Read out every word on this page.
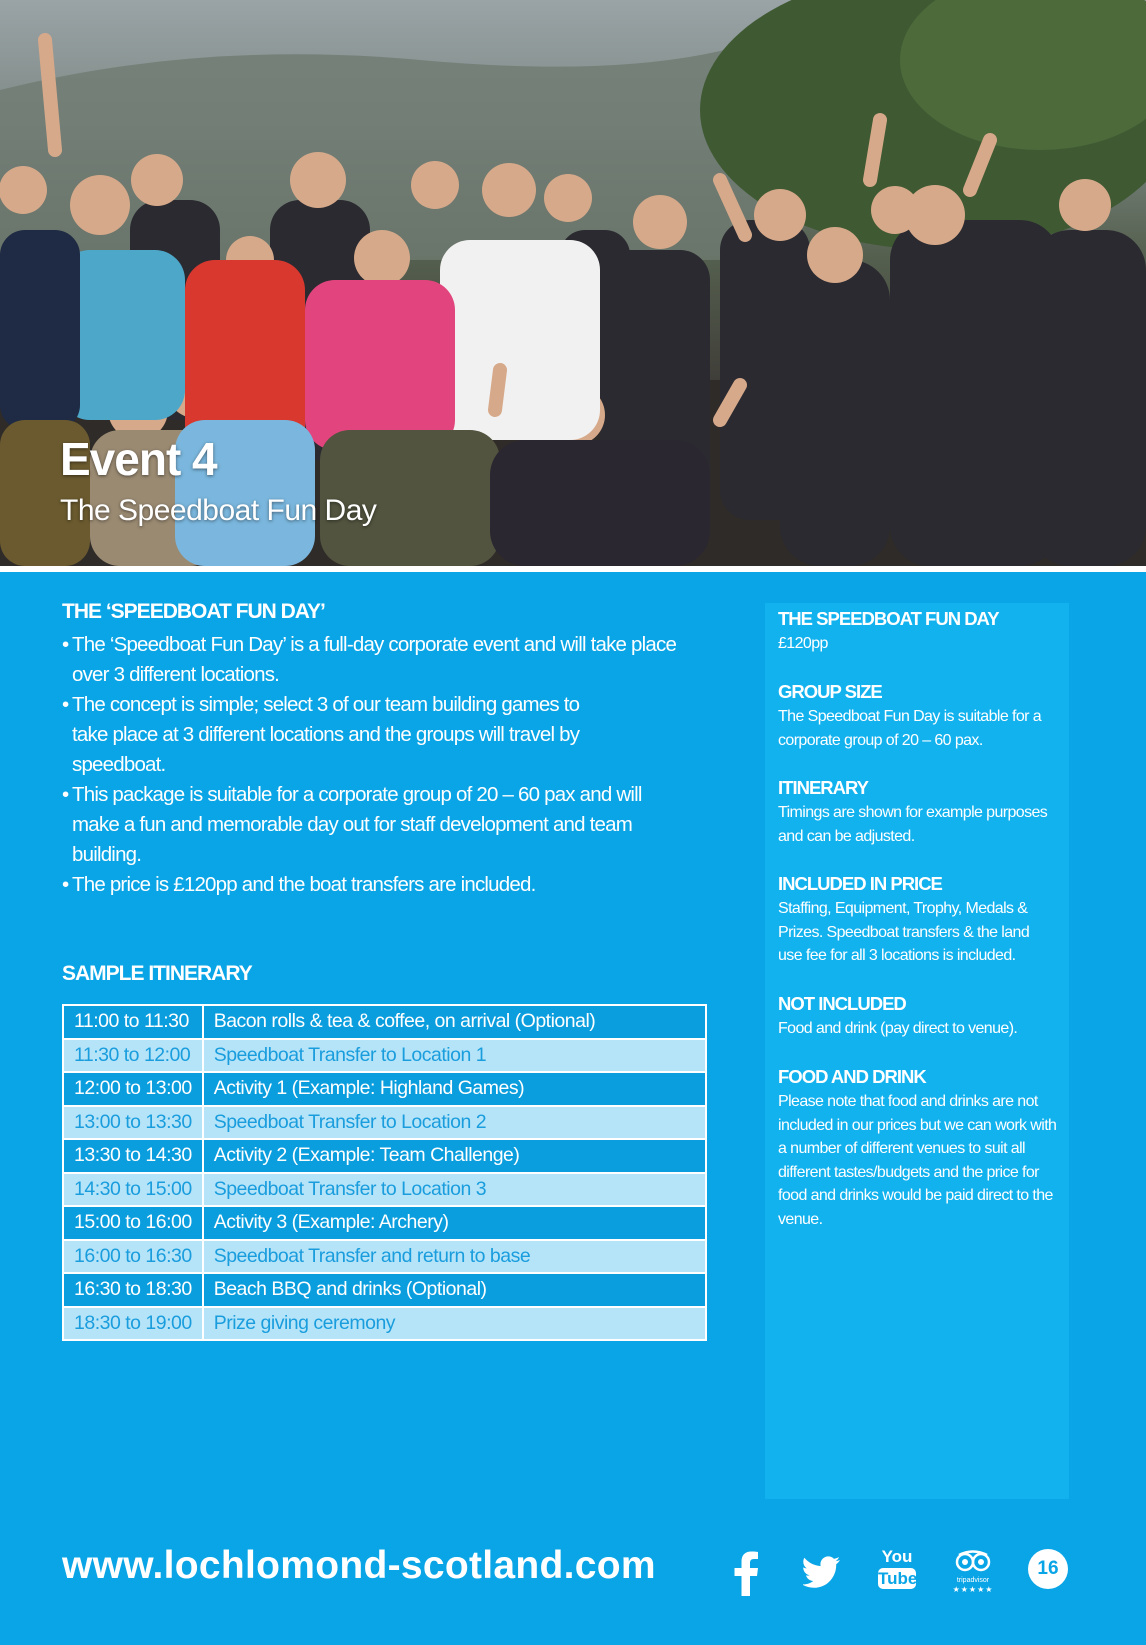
Event 4
The Speedboat Fun Day
THE ‘SPEEDBOAT FUN DAY’
• The ‘Speedboat Fun Day’ is a full-day corporate event and will take place over 3 different locations.
• The concept is simple; select 3 of our team building games to take place at 3 different locations and the groups will travel by speedboat.
• This package is suitable for a corporate group of 20 – 60 pax and will make a fun and memorable day out for staff development and team building.
• The price is £120pp and the boat transfers are included.
SAMPLE ITINERARY
11:00 to 11:30	Bacon rolls & tea & coffee, on arrival (Optional)
11:30 to 12:00	Speedboat Transfer to Location 1
12:00 to 13:00	Activity 1 (Example: Highland Games)
13:00 to 13:30	Speedboat Transfer to Location 2
13:30 to 14:30	Activity 2 (Example: Team Challenge)
14:30 to 15:00	Speedboat Transfer to Location 3
15:00 to 16:00	Activity 3 (Example: Archery)
16:00 to 16:30	Speedboat Transfer and return to base
16:30 to 18:30	Beach BBQ and drinks (Optional)
18:30 to 19:00	Prize giving ceremony

THE SPEEDBOAT FUN DAY

£120pp

GROUP SIZE

The Speedboat Fun Day is suitable for a corporate group of 20 – 60 pax.

ITINERARY

Timings are shown for example purposes and can be adjusted.

INCLUDED IN PRICE

Staffing, Equipment, Trophy, Medals & Prizes. Speedboat transfers & the land use fee for all 3 locations is included.

NOT INCLUDED

Food and drink (pay direct to venue).

FOOD AND DRINK

Please note that food and drinks are not included in our prices but we can work with a number of different venues to suit all different tastes/budgets and the price for food and drinks would be paid direct to the venue.

www.lochlomond-scotland.com	You
Tube	tripadvisor
★★★★★
16
